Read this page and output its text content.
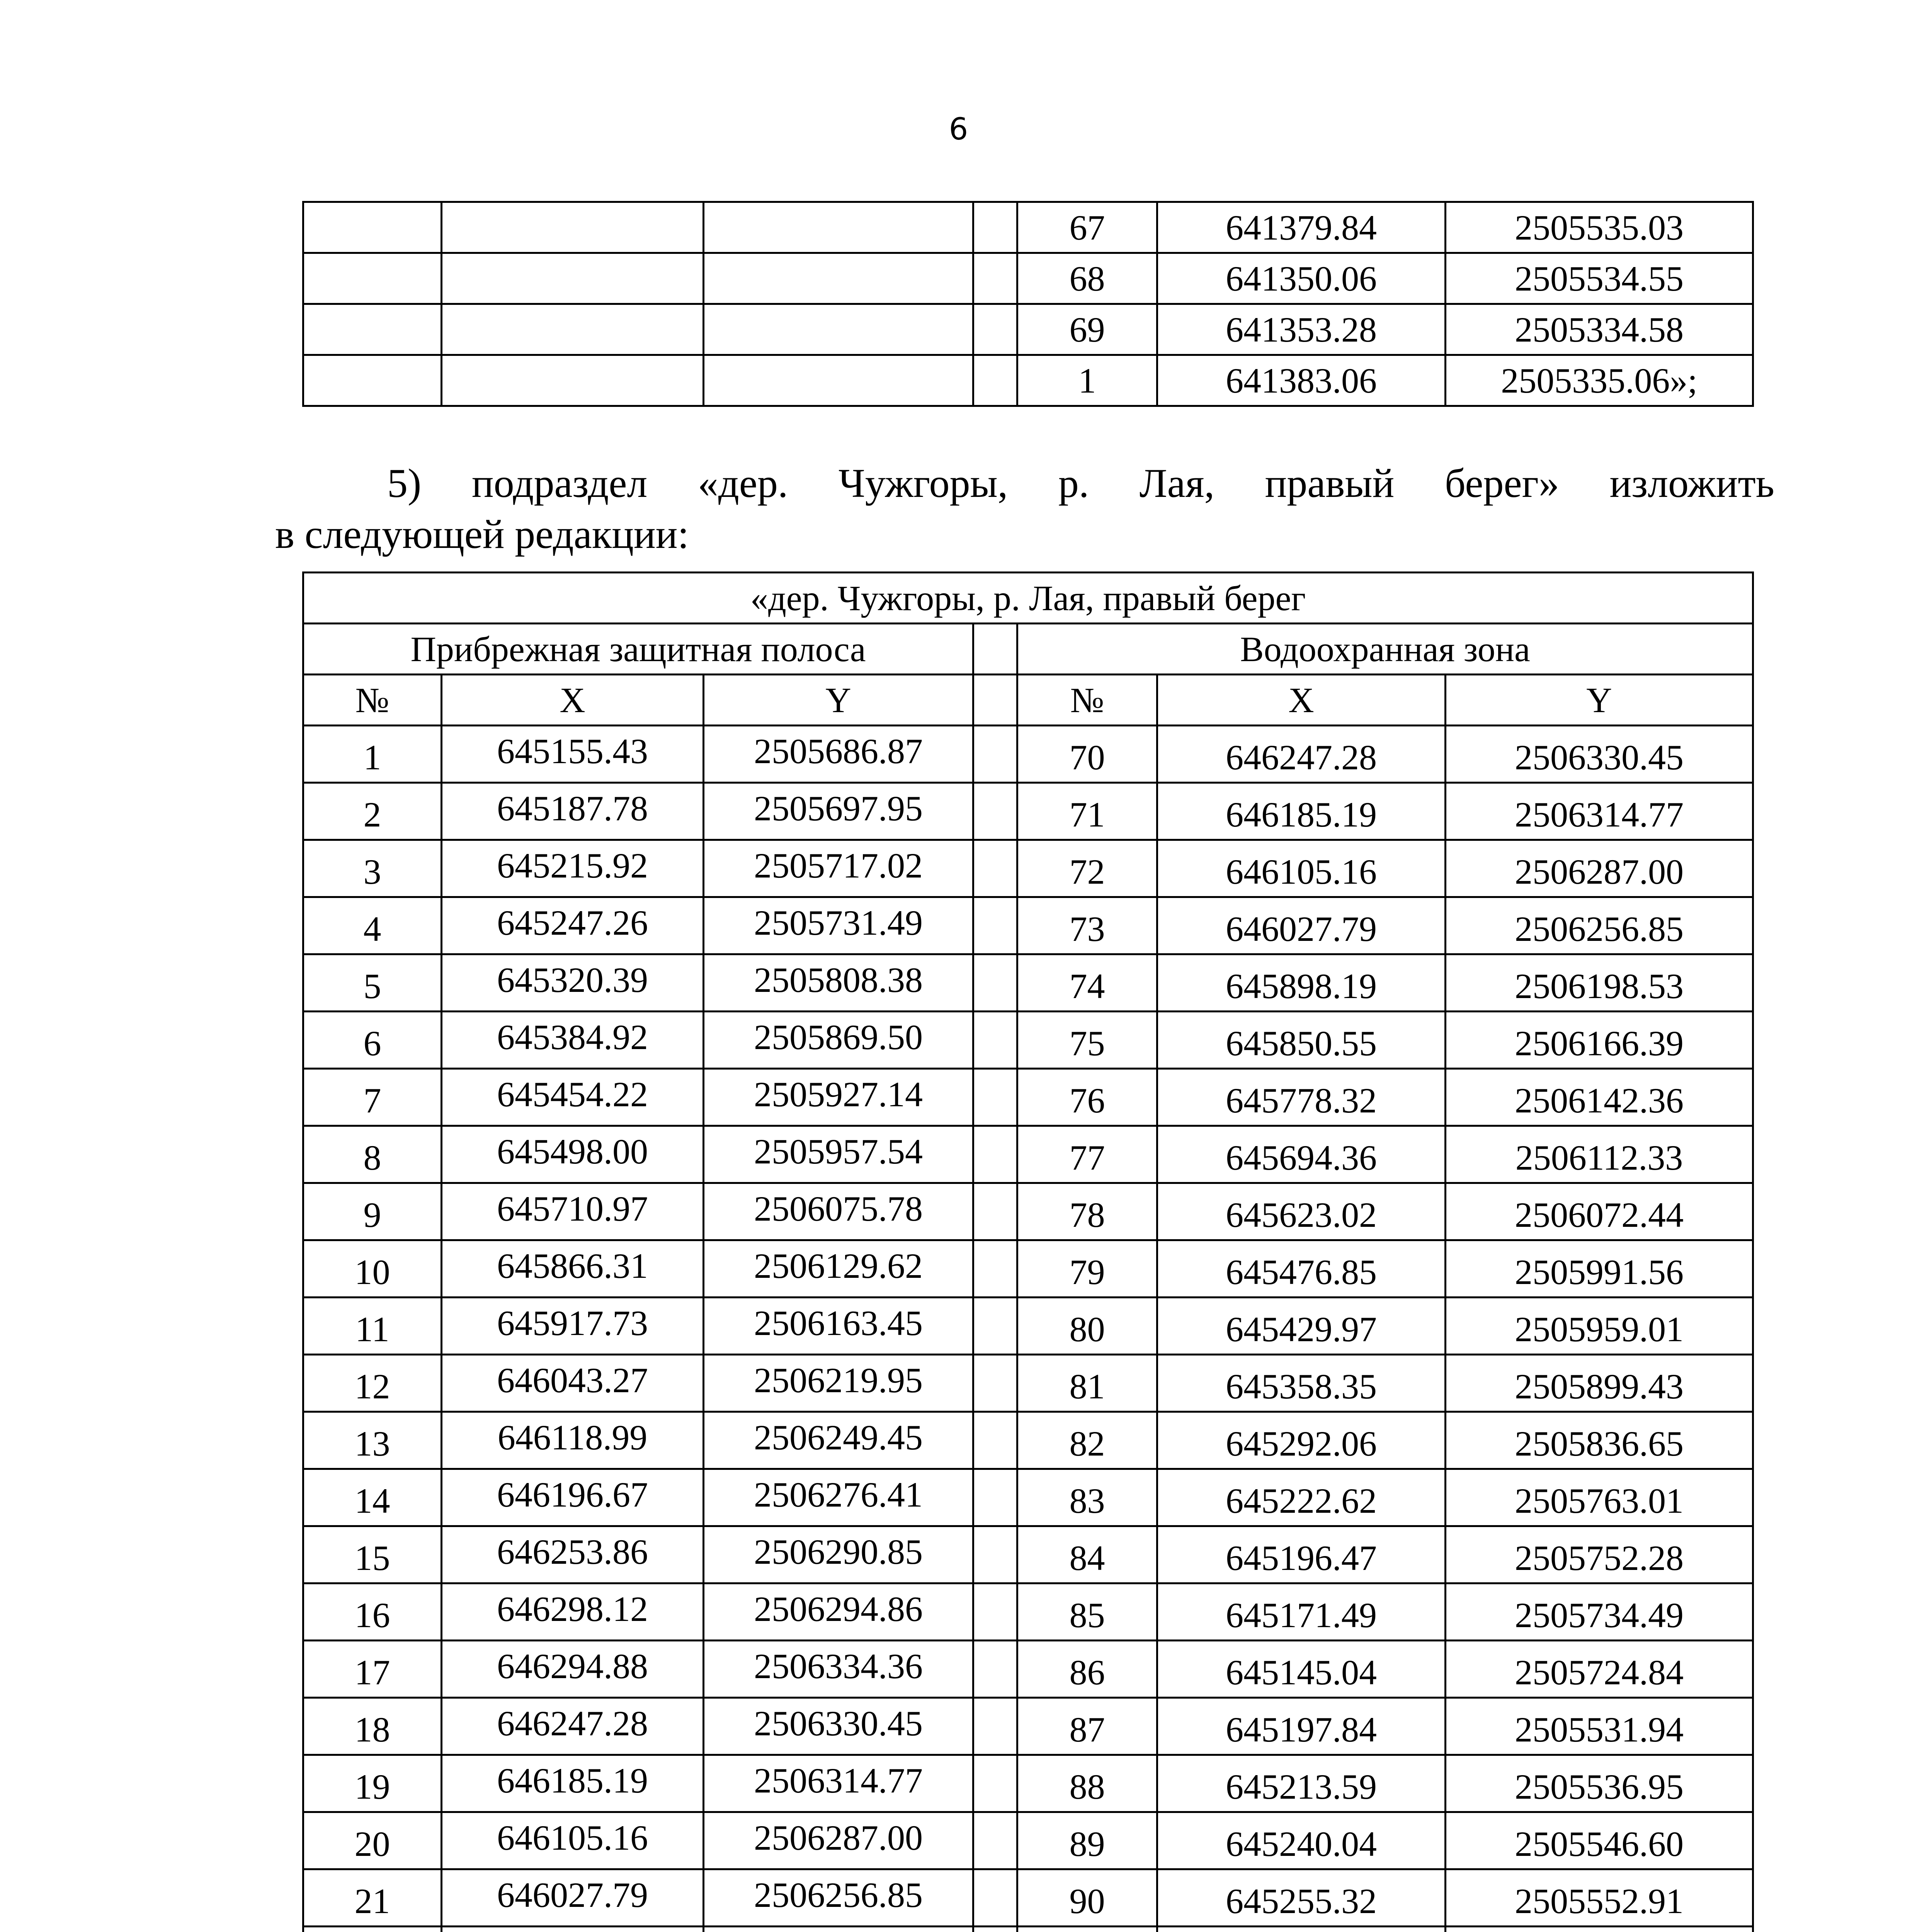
6
				67	641379.84	2505535.03
				68	641350.06	2505534.55
				69	641353.28	2505334.58
				1	641383.06	2505335.06»;
5) подраздел «дер. Чужгоры, р. Лая, правый берег» изложить
в следующей редакции:
«дер. Чужгоры, р. Лая, правый берег						
Прибрежная защитная полоса				Водоохранная зона		
№	X	Y		№	X	Y
1	645155.43	2505686.87		70	646247.28	2506330.45
2	645187.78	2505697.95		71	646185.19	2506314.77
3	645215.92	2505717.02		72	646105.16	2506287.00
4	645247.26	2505731.49		73	646027.79	2506256.85
5	645320.39	2505808.38		74	645898.19	2506198.53
6	645384.92	2505869.50		75	645850.55	2506166.39
7	645454.22	2505927.14		76	645778.32	2506142.36
8	645498.00	2505957.54		77	645694.36	2506112.33
9	645710.97	2506075.78		78	645623.02	2506072.44
10	645866.31	2506129.62		79	645476.85	2505991.56
11	645917.73	2506163.45		80	645429.97	2505959.01
12	646043.27	2506219.95		81	645358.35	2505899.43
13	646118.99	2506249.45		82	645292.06	2505836.65
14	646196.67	2506276.41		83	645222.62	2505763.01
15	646253.86	2506290.85		84	645196.47	2505752.28
16	646298.12	2506294.86		85	645171.49	2505734.49
17	646294.88	2506334.36		86	645145.04	2505724.84
18	646247.28	2506330.45		87	645197.84	2505531.94
19	646185.19	2506314.77		88	645213.59	2505536.95
20	646105.16	2506287.00		89	645240.04	2505546.60
21	646027.79	2506256.85		90	645255.32	2505552.91
